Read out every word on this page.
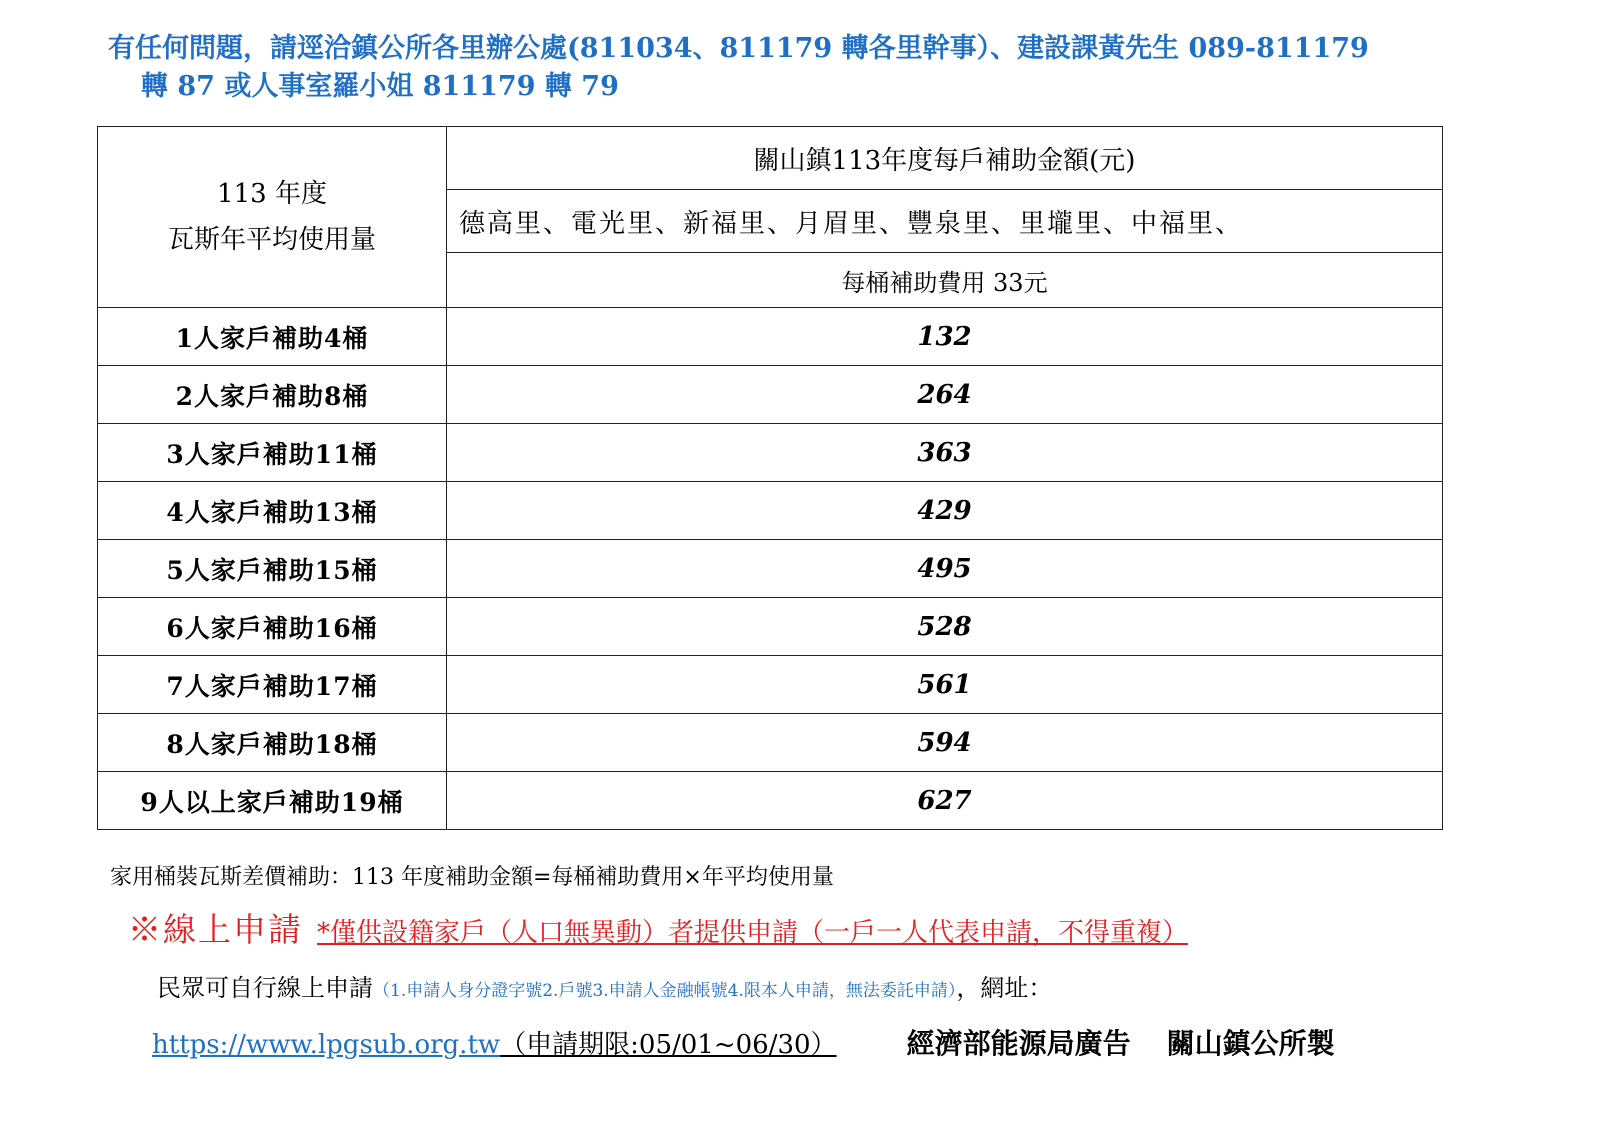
有任何問題，請逕洽鎮公所各里辦公處(811034、811179 轉各里幹事）、建設課黃先生 089-811179
轉 87 或人事室羅小姐 811179 轉 79
113 年度
瓦斯年平均使用量	關山鎮113年度每戶補助金額(元)
	德高里、電光里、新福里、月眉里、豐泉里、里壠里、中福里、
	每桶補助費用 33元
1人家戶補助4桶	132
2人家戶補助8桶	264
3人家戶補助11桶	363
4人家戶補助13桶	429
5人家戶補助15桶	495
6人家戶補助16桶	528
7人家戶補助17桶	561
8人家戶補助18桶	594
9人以上家戶補助19桶	627
家用桶裝瓦斯差價補助：113 年度補助金額=每桶補助費用×年平均使用量
※線上申請 *僅供設籍家戶（人口無異動）者提供申請（一戶一人代表申請，不得重複）
民眾可自行線上申請（1.申請人身分證字號2.戶號3.申請人金融帳號4.限本人申請，無法委託申請），網址：
https://www.lpgsub.org.tw（申請期限:05/01~06/30）	經濟部能源局廣告 關山鎮公所製
